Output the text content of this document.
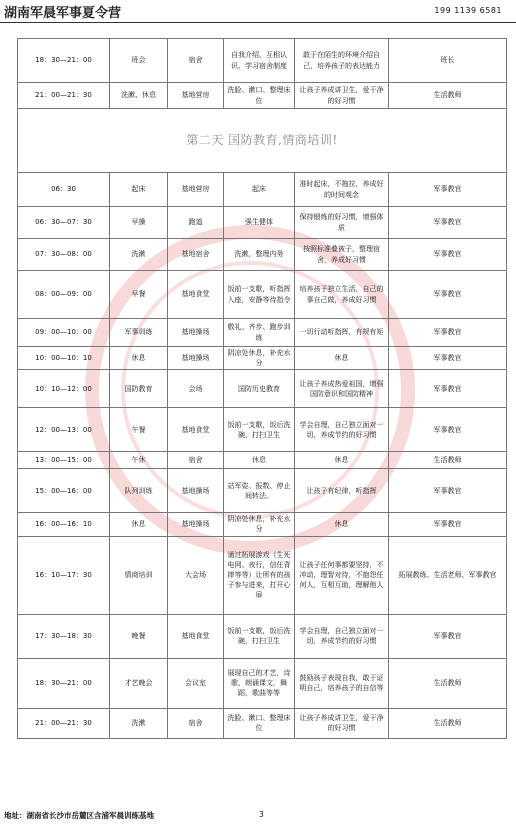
湖南军晨军事夏令营	199 1139 6581
18：30—21：00	班会	宿舍	自我介绍，互相认识，学习宿舍制度	敢于在陌生的环境介绍自己，培养孩子的表达能力	班长
21：00—21：30	洗漱、休息	基地营房	洗脸、漱口、整理床位	让孩子养成讲卫生，爱干净的好习惯	生活教师
第二天 国防教育,情商培训!					
06：30	起床	基地营房	起床	准时起床，不拖拉，养成好的时间观念	军事教官
06：30—07：30	早操	跑道	强生健体	保持锻炼的好习惯，增强体质	军事教官
07：30—08：00	洗漱	基地宿舍	洗漱，整理内务	按照标准叠被子，整理宿舍，养成好习惯	军事教官
08：00—09：00	早餐	基地食堂	饭前一支歌，听指挥入座，安静等待指令	培养孩子独立生活，自己的事自己做，养成好习惯	军事教官
09：00—10：00	军事训练	基地操场	敬礼、齐步、跑步训练	一切行动听指挥，有规有矩	军事教官
10：00—10：10	休息	基地操场	阴凉处休息，补充水分	休息	军事教官
10：10—12：00	国防教育	会场	国防历史教育	让孩子养成热爱祖国，增强国防意识和国防精神	军事教官
12：00—13：00	午餐	基地食堂	饭前一支歌，饭后洗碗，打扫卫生	学会自理，自己独立面对一切，养成节约的好习惯	军事教官
13：00—15：00	午休	宿舍	休息	休息	生活教师
15：00—16：00	队列训练	基地操场	站军姿、报数、停止间转法。	让孩子有纪律，听指挥	军事教官
16：00—16：10	休息	基地操场	阴凉处休息，补充水分	休息	军事教官
16：10—17：30	情商培训	大会场	通过拓展游戏（生死电网、夜行，信任背摔等等）让所有的孩子参与进来，打开心扉	让孩子任何事都要坚持，不冲动，理智对待，不抱怨任何人，互相互助，理解他人	拓展教练、生活老师、军事教官
17：30—18：30	晚餐	基地食堂	饭前一支歌，饭后洗碗，打扫卫生	学会自理，自己独立面对一切，养成节约的好习惯	军事教官
18：30—21：00	才艺晚会	会议室	展现自己的才艺，诗歌，朗诵课文，舞蹈，歌曲等等	鼓励孩子表现自我，敢于证明自己，培养孩子的自信等	生活教师
21：00—21：30	洗漱	宿舍	洗脸、漱口、整理床位	让孩子养成讲卫生，爱干净的好习惯	生活教师
地址：湖南省长沙市岳麓区含浦军晨训练基地	3
